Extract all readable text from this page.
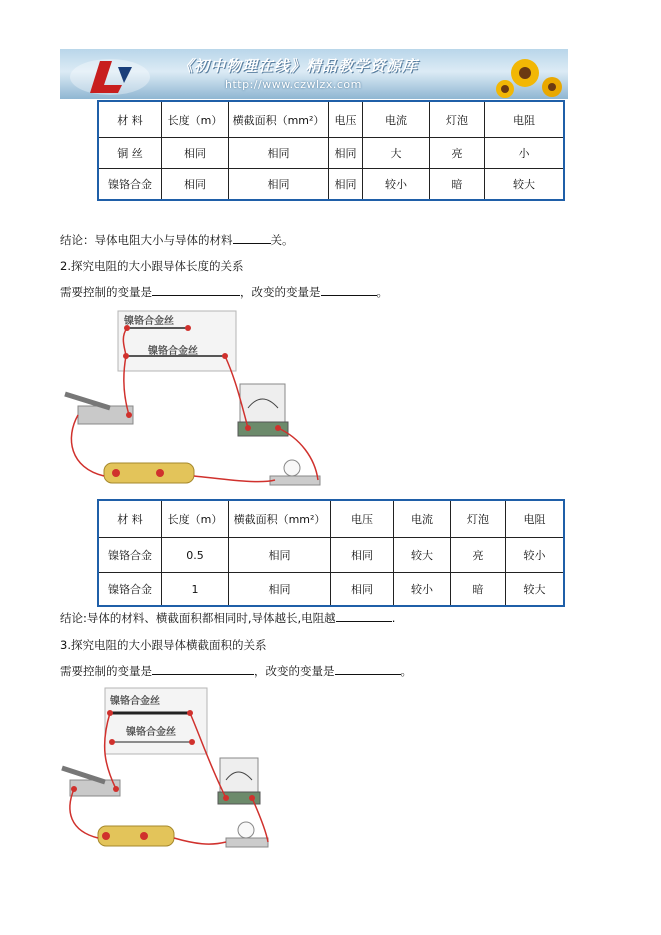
《初中物理在线》精品教学资源库
http://www.czwlzx.com
材 料	长度（m）	横截面积（mm²）	电压	电流	灯泡	电阻
铜 丝	相同	相同	相同	大	亮	小
镍铬合金	相同	相同	相同	较小	暗	较大
结论：导体电阻大小与导体的材料	关。
2.探究电阻的大小跟导体长度的关系
需要控制的变量是	，改变的变量是	。
镍铬合金丝
镍铬合金丝
材 料	长度（m）	横截面积（mm²）	电压	电流	灯泡	电阻
镍铬合金	0.5	相同	相同	较大	亮	较小
镍铬合金	1	相同	相同	较小	暗	较大
结论:导体的材料、横截面积都相同时,导体越长,电阻越	.
3.探究电阻的大小跟导体横截面积的关系
需要控制的变量是	，改变的变量是	。
镍铬合金丝
镍铬合金丝
